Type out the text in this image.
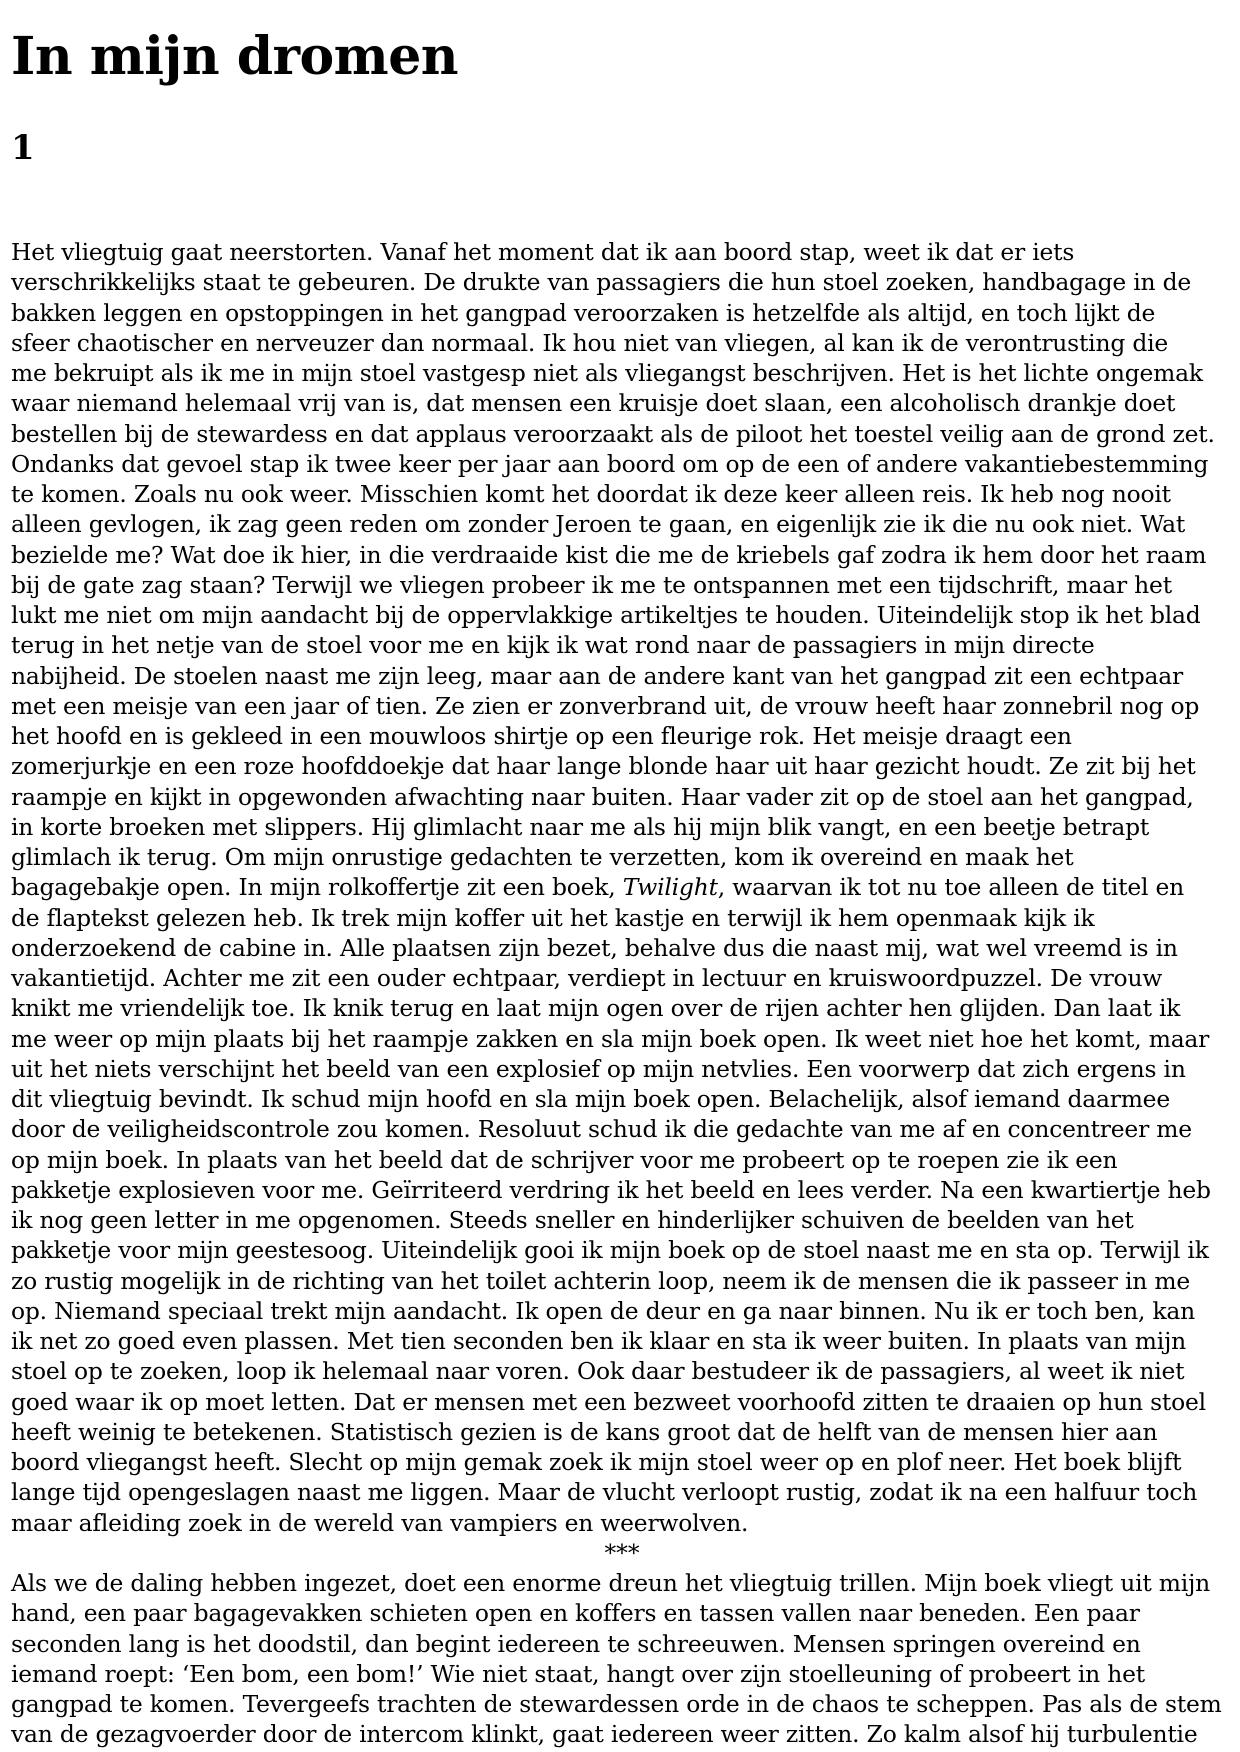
In mijn dromen
1
Het vliegtuig gaat neerstorten. Vanaf het moment dat ik aan boord stap, weet ik dat er iets
verschrikkelijks staat te gebeuren. De drukte van passagiers die hun stoel zoeken, handbagage in de
bakken leggen en opstoppingen in het gangpad veroorzaken is hetzelfde als altijd, en toch lijkt de
sfeer chaotischer en nerveuzer dan normaal. Ik hou niet van vliegen, al kan ik de verontrusting die
me bekruipt als ik me in mijn stoel vastgesp niet als vliegangst beschrijven. Het is het lichte ongemak
waar niemand helemaal vrij van is, dat mensen een kruisje doet slaan, een alcoholisch drankje doet
bestellen bij de stewardess en dat applaus veroorzaakt als de piloot het toestel veilig aan de grond zet.
Ondanks dat gevoel stap ik twee keer per jaar aan boord om op de een of andere vakantiebestemming
te komen. Zoals nu ook weer. Misschien komt het doordat ik deze keer alleen reis. Ik heb nog nooit
alleen gevlogen, ik zag geen reden om zonder Jeroen te gaan, en eigenlijk zie ik die nu ook niet. Wat
bezielde me? Wat doe ik hier, in die verdraaide kist die me de kriebels gaf zodra ik hem door het raam
bij de gate zag staan? Terwijl we vliegen probeer ik me te ontspannen met een tijdschrift, maar het
lukt me niet om mijn aandacht bij de oppervlakkige artikeltjes te houden. Uiteindelijk stop ik het blad
terug in het netje van de stoel voor me en kijk ik wat rond naar de passagiers in mijn directe
nabijheid. De stoelen naast me zijn leeg, maar aan de andere kant van het gangpad zit een echtpaar
met een meisje van een jaar of tien. Ze zien er zonverbrand uit, de vrouw heeft haar zonnebril nog op
het hoofd en is gekleed in een mouwloos shirtje op een fleurige rok. Het meisje draagt een
zomerjurkje en een roze hoofddoekje dat haar lange blonde haar uit haar gezicht houdt. Ze zit bij het
raampje en kijkt in opgewonden afwachting naar buiten. Haar vader zit op de stoel aan het gangpad,
in korte broeken met slippers. Hij glimlacht naar me als hij mijn blik vangt, en een beetje betrapt
glimlach ik terug. Om mijn onrustige gedachten te verzetten, kom ik overeind en maak het
bagagebakje open. In mijn rolkoffertje zit een boek, Twilight, waarvan ik tot nu toe alleen de titel en
de flaptekst gelezen heb. Ik trek mijn koffer uit het kastje en terwijl ik hem openmaak kijk ik
onderzoekend de cabine in. Alle plaatsen zijn bezet, behalve dus die naast mij, wat wel vreemd is in
vakantietijd. Achter me zit een ouder echtpaar, verdiept in lectuur en kruiswoordpuzzel. De vrouw
knikt me vriendelijk toe. Ik knik terug en laat mijn ogen over de rijen achter hen glijden. Dan laat ik
me weer op mijn plaats bij het raampje zakken en sla mijn boek open. Ik weet niet hoe het komt, maar
uit het niets verschijnt het beeld van een explosief op mijn netvlies. Een voorwerp dat zich ergens in
dit vliegtuig bevindt. Ik schud mijn hoofd en sla mijn boek open. Belachelijk, alsof iemand daarmee
door de veiligheidscontrole zou komen. Resoluut schud ik die gedachte van me af en concentreer me
op mijn boek. In plaats van het beeld dat de schrijver voor me probeert op te roepen zie ik een
pakketje explosieven voor me. Geïrriteerd verdring ik het beeld en lees verder. Na een kwartiertje heb
ik nog geen letter in me opgenomen. Steeds sneller en hinderlijker schuiven de beelden van het
pakketje voor mijn geestesoog. Uiteindelijk gooi ik mijn boek op de stoel naast me en sta op. Terwijl ik
zo rustig mogelijk in de richting van het toilet achterin loop, neem ik de mensen die ik passeer in me
op. Niemand speciaal trekt mijn aandacht. Ik open de deur en ga naar binnen. Nu ik er toch ben, kan
ik net zo goed even plassen. Met tien seconden ben ik klaar en sta ik weer buiten. In plaats van mijn
stoel op te zoeken, loop ik helemaal naar voren. Ook daar bestudeer ik de passagiers, al weet ik niet
goed waar ik op moet letten. Dat er mensen met een bezweet voorhoofd zitten te draaien op hun stoel
heeft weinig te betekenen. Statistisch gezien is de kans groot dat de helft van de mensen hier aan
boord vliegangst heeft. Slecht op mijn gemak zoek ik mijn stoel weer op en plof neer. Het boek blijft
lange tijd opengeslagen naast me liggen. Maar de vlucht verloopt rustig, zodat ik na een halfuur toch
maar afleiding zoek in de wereld van vampiers en weerwolven.
***
Als we de daling hebben ingezet, doet een enorme dreun het vliegtuig trillen. Mijn boek vliegt uit mijn
hand, een paar bagagevakken schieten open en koffers en tassen vallen naar beneden. Een paar
seconden lang is het doodstil, dan begint iedereen te schreeuwen. Mensen springen overeind en
iemand roept: ‘Een bom, een bom!’ Wie niet staat, hangt over zijn stoelleuning of probeert in het
gangpad te komen. Tevergeefs trachten de stewardessen orde in de chaos te scheppen. Pas als de stem
van de gezagvoerder door de intercom klinkt, gaat iedereen weer zitten. Zo kalm alsof hij turbulentie
